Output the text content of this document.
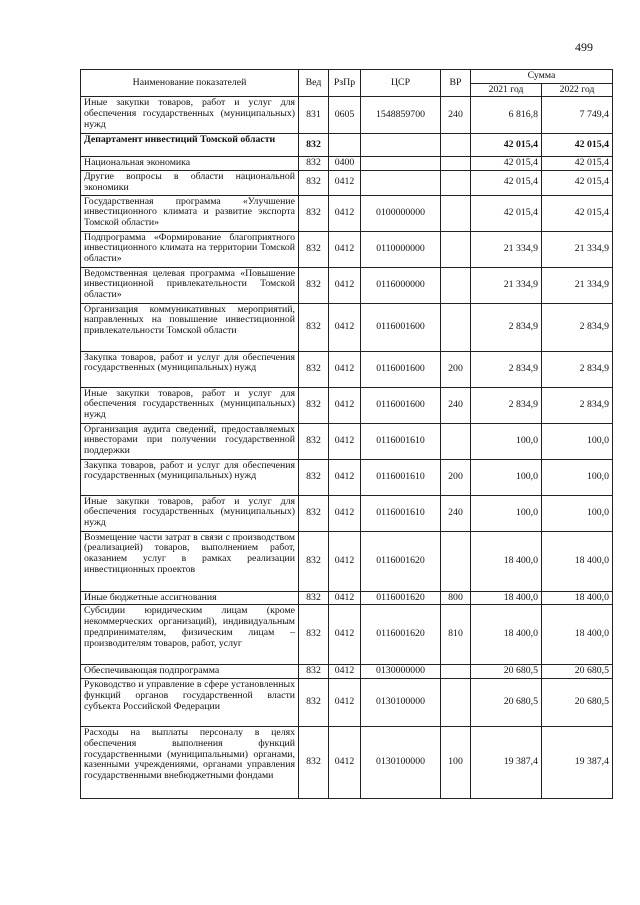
499
Наименование показателей	Вед	РзПр	ЦСР	ВР	Сумма	
					2021 год	2022 год
Иные закупки товаров, работ и услуг для обеспечения государственных (муниципальных) нужд	831	0605	1548859700	240	6 816,8	7 749,4
Департамент инвестиций Томской области	832				42 015,4	42 015,4
Национальная экономика	832	0400			42 015,4	42 015,4
Другие вопросы в области национальной экономики	832	0412			42 015,4	42 015,4
Государственная программа «Улучшение инвестиционного климата и развитие экспорта Томской области»	832	0412	0100000000		42 015,4	42 015,4
Подпрограмма «Формирование благоприятного инвестиционного климата на территории Томской области»	832	0412	0110000000		21 334,9	21 334,9
Ведомственная целевая программа «Повышение инвестиционной привлекательности Томской области»	832	0412	0116000000		21 334,9	21 334,9
Организация коммуникативных мероприятий, направленных на повышение инвестиционной привлекательности Томской области	832	0412	0116001600		2 834,9	2 834,9
Закупка товаров, работ и услуг для обеспечения государственных (муниципальных) нужд	832	0412	0116001600	200	2 834,9	2 834,9
Иные закупки товаров, работ и услуг для обеспечения государственных (муниципальных) нужд	832	0412	0116001600	240	2 834,9	2 834,9
Организация аудита сведений, предоставляемых инвесторами при получении государственной поддержки	832	0412	0116001610		100,0	100,0
Закупка товаров, работ и услуг для обеспечения государственных (муниципальных) нужд	832	0412	0116001610	200	100,0	100,0
Иные закупки товаров, работ и услуг для обеспечения государственных (муниципальных) нужд	832	0412	0116001610	240	100,0	100,0
Возмещение части затрат в связи с производством (реализацией) товаров, выполнением работ, оказанием услуг в рамках реализации инвестиционных проектов	832	0412	0116001620		18 400,0	18 400,0
Иные бюджетные ассигнования	832	0412	0116001620	800	18 400,0	18 400,0
Субсидии юридическим лицам (кроме некоммерческих организаций), индивидуальным предпринимателям, физическим лицам – производителям товаров, работ, услуг	832	0412	0116001620	810	18 400,0	18 400,0
Обеспечивающая подпрограмма	832	0412	0130000000		20 680,5	20 680,5
Руководство и управление в сфере установленных функций органов государственной власти субъекта Российской Федерации	832	0412	0130100000		20 680,5	20 680,5
Расходы на выплаты персоналу в целях обеспечения выполнения функций государственными (муниципальными) органами, казенными учреждениями, органами управления государственными внебюджетными фондами	832	0412	0130100000	100	19 387,4	19 387,4
